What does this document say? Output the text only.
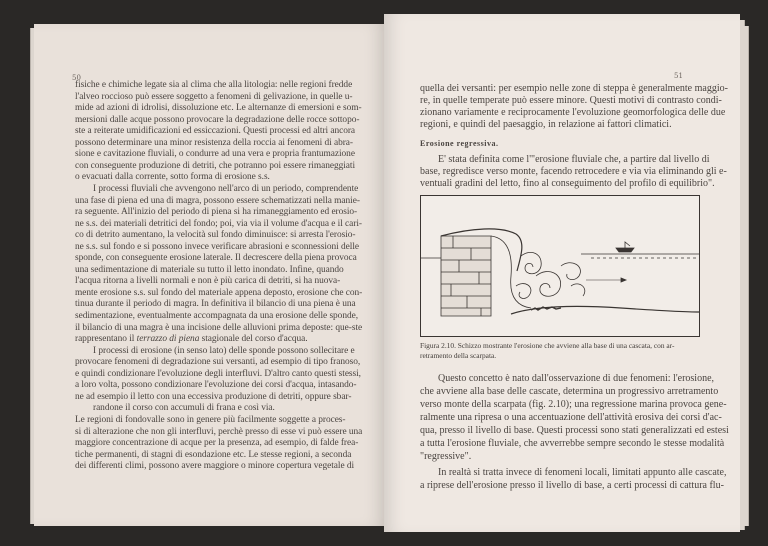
50
fisiche e chimiche legate sia al clima che alla litologia: nelle regioni fredde
l'alveo roccioso può essere soggetto a fenomeni di gelivazione, in quelle u-
mide ad azioni di idrolisi, dissoluzione etc. Le alternanze di emersioni e som-
mersioni dalle acque possono provocare la degradazione delle rocce sottopo-
ste a reiterate umidificazioni ed essiccazioni. Questi processi ed altri ancora
possono determinare una minor resistenza della roccia ai fenomeni di abra-
sione e cavitazione fluviali, o condurre ad una vera e propria frantumazione
con conseguente produzione di detriti, che potranno poi essere rimaneggiati
o evacuati dalla corrente, sotto forma di erosione s.s.
I processi fluviali che avvengono nell'arco di un periodo, comprendente
una fase di piena ed una di magra, possono essere schematizzati nella manie-
ra seguente. All'inizio del periodo di piena si ha rimaneggiamento ed erosio-
ne s.s. dei materiali detritici del fondo; poi, via via il volume d'acqua e il cari-
co di detrito aumentano, la velocità sul fondo diminuisce: si arresta l'erosio-
ne s.s. sul fondo e si possono invece verificare abrasioni e sconnessioni delle
sponde, con conseguente erosione laterale. Il decrescere della piena provoca
una sedimentazione di materiale su tutto il letto inondato. Infine, quando
l'acqua ritorna a livelli normali e non è più carica di detriti, si ha nuova-
mente erosione s.s. sul fondo del materiale appena deposto, erosione che con-
tinua durante il periodo di magra. In definitiva il bilancio di una piena è una
sedimentazione, eventualmente accompagnata da una erosione delle sponde,
il bilancio di una magra è una incisione delle alluvioni prima deposte: que-ste
rappresentano il terrazzo di piena stagionale del corso d'acqua.
I processi di erosione (in senso lato) delle sponde possono sollecitare e
provocare fenomeni di degradazione sui versanti, ad esempio di tipo franoso,
e quindi condizionare l'evoluzione degli interfluvi. D'altro canto questi stessi,
a loro volta, possono condizionare l'evoluzione dei corsi d'acqua, intasando-
ne ad esempio il letto con una eccessiva produzione di detriti, oppure sbar-
randone il corso con accumuli di frana e così via.
Le regioni di fondovalle sono in genere più facilmente soggette a proces-
si di alterazione che non gli interfluvi, perchè presso di esse vi può essere una
maggiore concentrazione di acque per la presenza, ad esempio, di falde frea-
tiche permanenti, di stagni di esondazione etc. Le stesse regioni, a seconda
dei differenti climi, possono avere maggiore o minore copertura vegetale di
51
quella dei versanti: per esempio nelle zone di steppa è generalmente maggio-
re, in quelle temperate può essere minore. Questi motivi di contrasto condi-
zionano variamente e reciprocamente l'evoluzione geomorfologica delle due
regioni, e quindi del paesaggio, in relazione ai fattori climatici.
Erosione regressiva.
E' stata definita come l'"erosione fluviale che, a partire dal livello di
base, regredisce verso monte, facendo retrocedere e via via eliminando gli e-
ventuali gradini del letto, fino al conseguimento del profilo di equilibrio".
Figura 2.10. Schizzo mostrante l'erosione che avviene alla base di una cascata, con ar-
retramento della scarpata.
Questo concetto è nato dall'osservazione di due fenomeni: l'erosione,
che avviene alla base delle cascate, determina un progressivo arretramento
verso monte della scarpata (fig. 2.10); una regressione marina provoca gene-
ralmente una ripresa o una accentuazione dell'attività erosiva dei corsi d'ac-
qua, presso il livello di base. Questi processi sono stati generalizzati ed estesi
a tutta l'erosione fluviale, che avverrebbe sempre secondo le stesse modalità
"regressive".
In realtà si tratta invece di fenomeni locali, limitati appunto alle cascate,
a riprese dell'erosione presso il livello di base, a certi processi di cattura flu-
